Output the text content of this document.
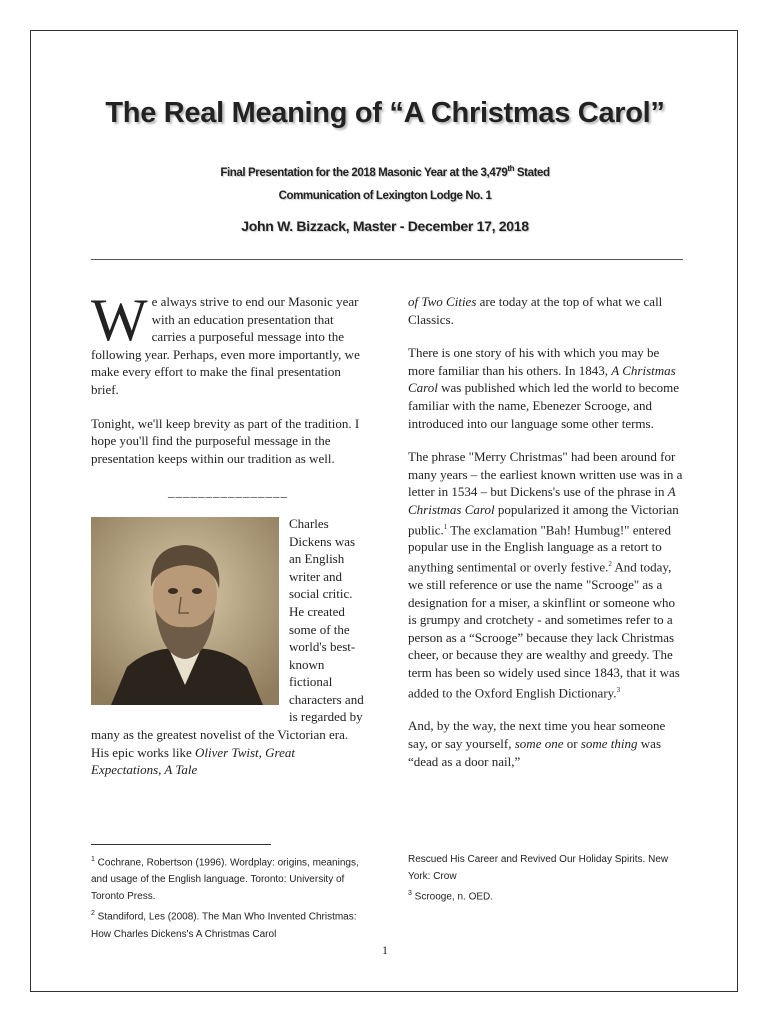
The Real Meaning of “A Christmas Carol”
Final Presentation for the 2018 Masonic Year at the 3,479th Stated
Communication of Lexington Lodge No. 1
John W. Bizzack, Master - December 17, 2018

We always strive to end our Masonic year with an education presentation that carries a purposeful message into the following year. Perhaps, even more importantly, we make every effort to make the final presentation brief.

Tonight, we'll keep brevity as part of the tradition. I hope you'll find the purposeful message in the presentation keeps within our tradition as well.

________________

Charles Dickens was an English writer and social critic. He created some of the world's best-known fictional characters and is regarded by many as the greatest novelist of the Victorian era. His epic works like Oliver Twist, Great Expectations, A Tale

of Two Cities are today at the top of what we call Classics.

There is one story of his with which you may be more familiar than his others. In 1843, A Christmas Carol was published which led the world to become familiar with the name, Ebenezer Scrooge, and introduced into our language some other terms.

The phrase "Merry Christmas" had been around for many years – the earliest known written use was in a letter in 1534 – but Dickens's use of the phrase in A Christmas Carol popularized it among the Victorian public.$^1$ The exclamation "Bah! Humbug!" entered popular use in the English language as a retort to anything sentimental or overly festive.$^2$ And today, we still reference or use the name "Scrooge" as a designation for a miser, a skinflint or someone who is grumpy and crotchety - and sometimes refer to a person as a “Scrooge” because they lack Christmas cheer, or because they are wealthy and greedy. The term has been so widely used since 1843, that it was added to the Oxford English Dictionary.$^3$

And, by the way, the next time you hear someone say, or say yourself, some one or some thing was “dead as a door nail,”

$^1$ Cochrane, Robertson (1996). Wordplay: origins, meanings, and usage of the English language. Toronto: University of Toronto Press.

$^2$ Standiford, Les (2008). The Man Who Invented Christmas: How Charles Dickens's A Christmas Carol

Rescued His Career and Revived Our Holiday Spirits. New York: Crow

$^3$ Scrooge, n. OED.

1
